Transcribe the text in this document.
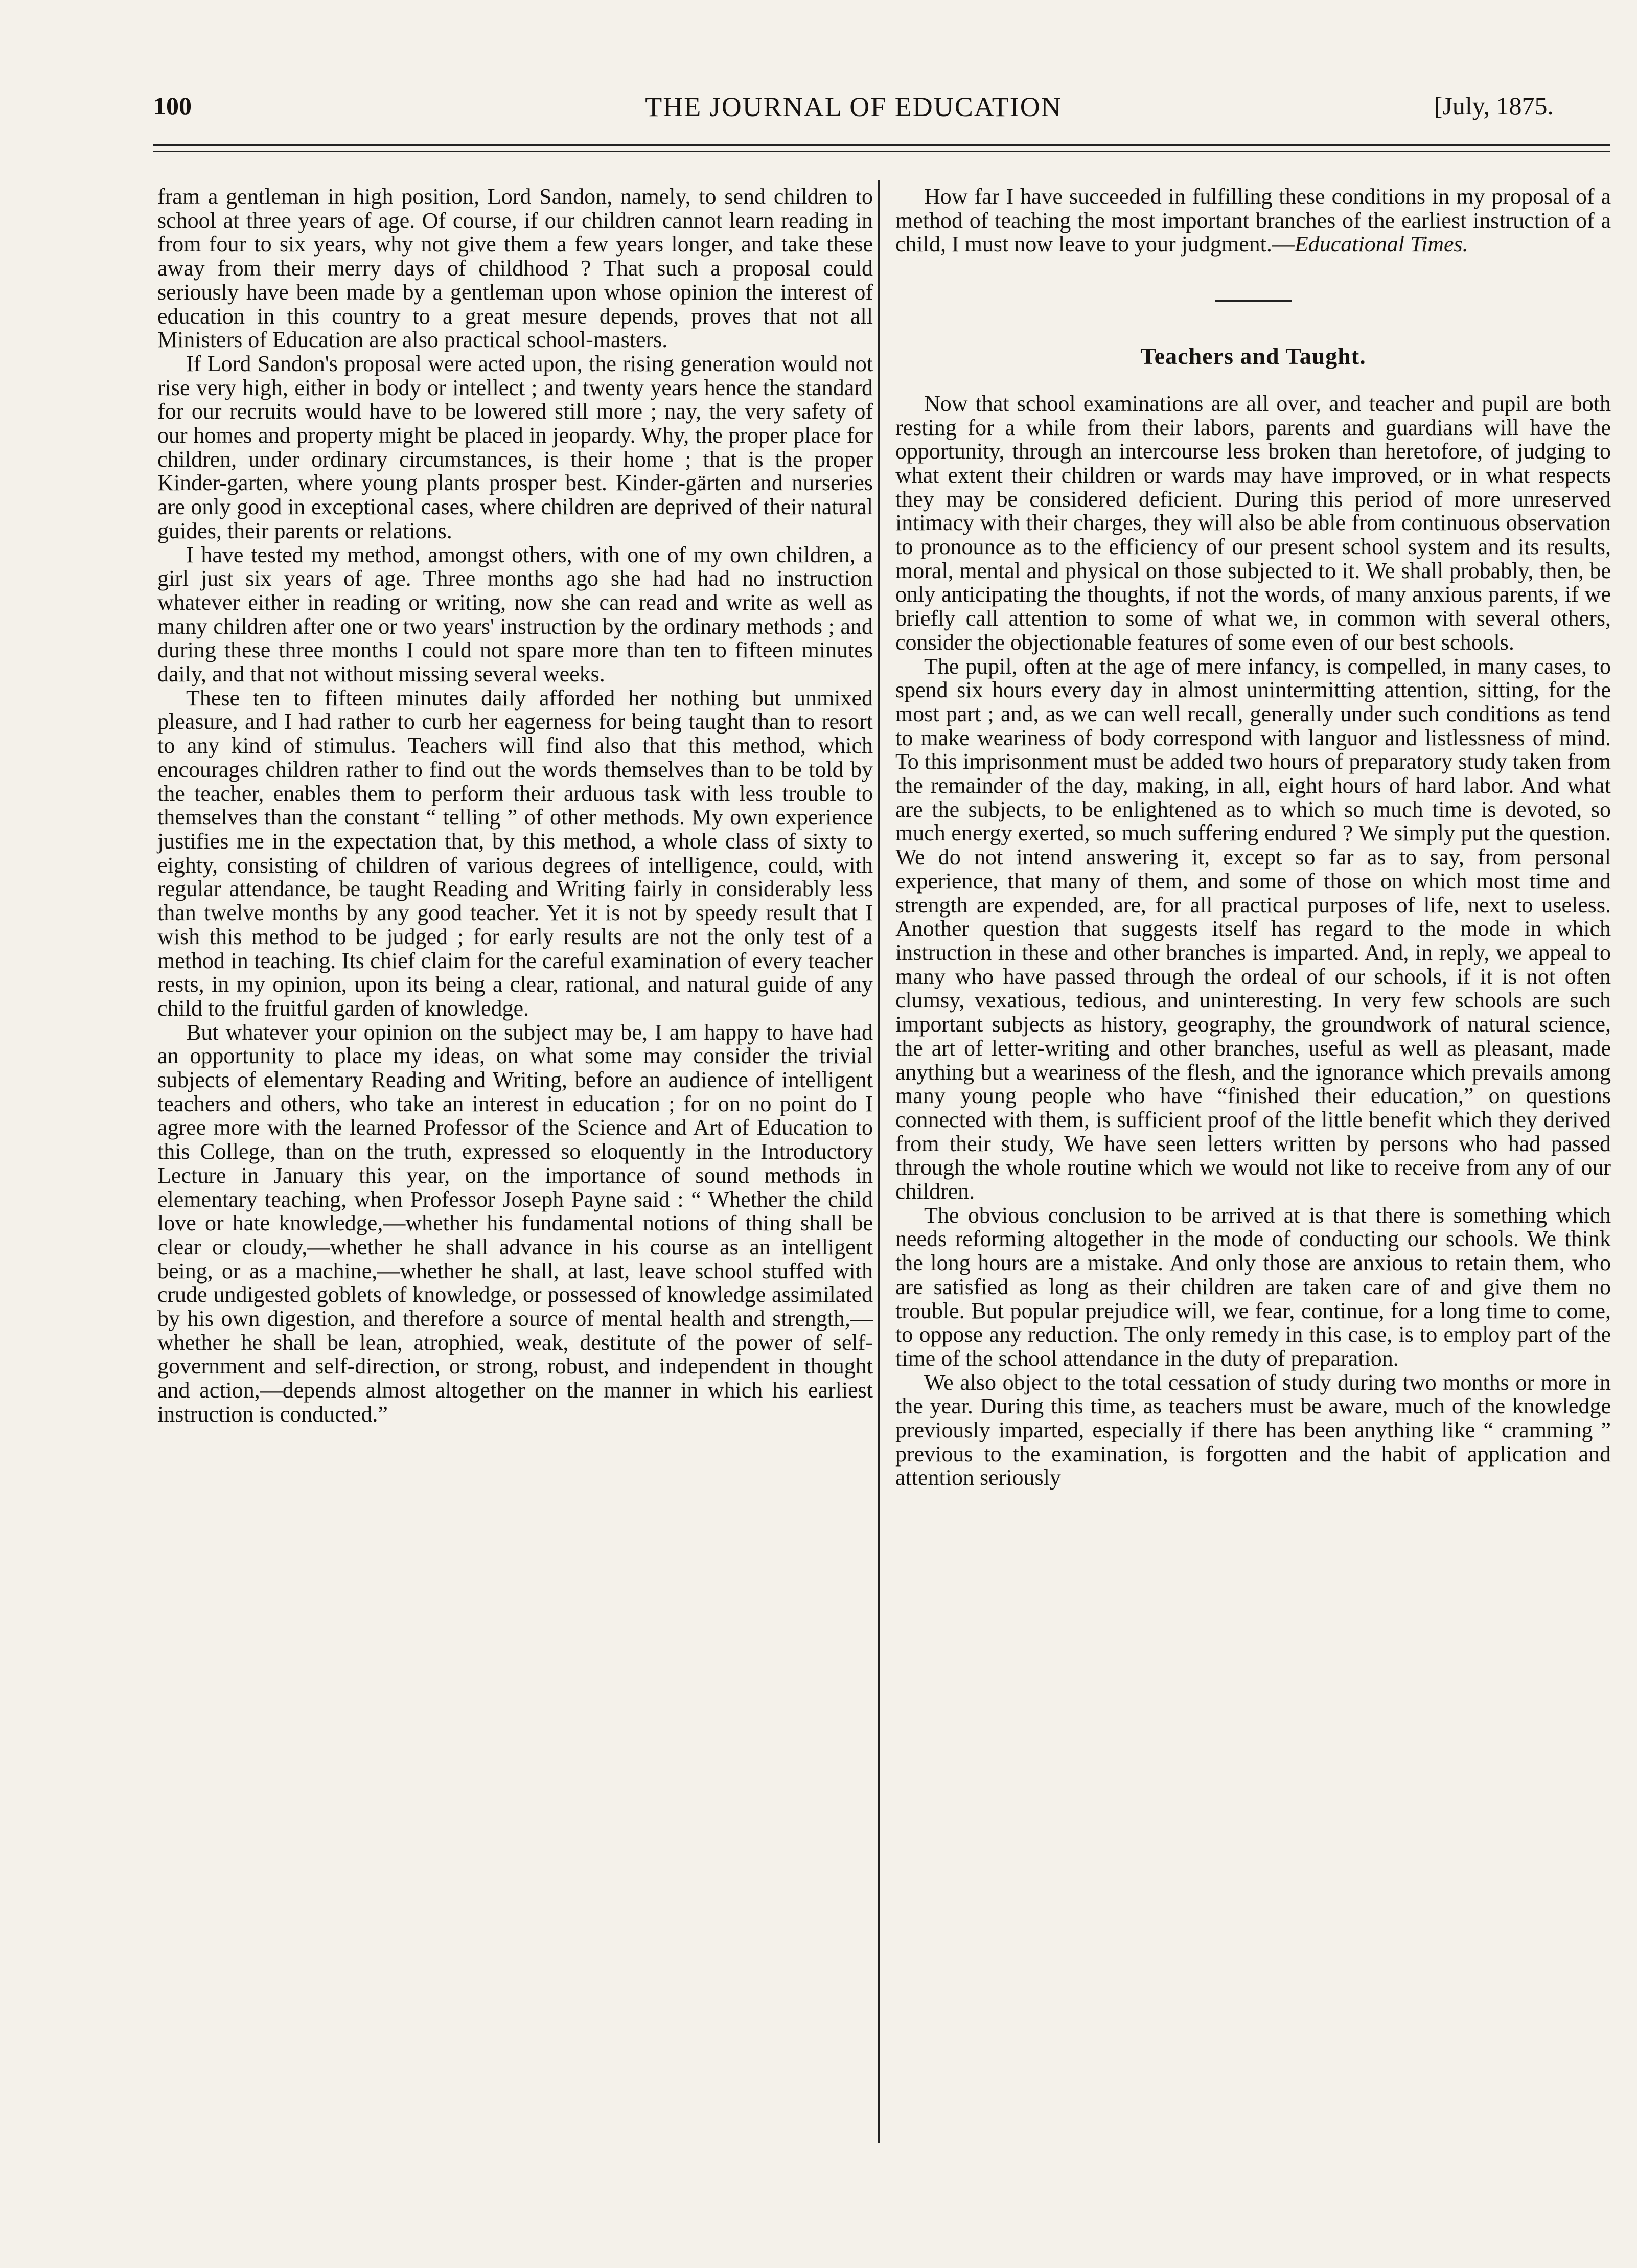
100	THE JOURNAL OF EDUCATION	[July, 1875.

fram a gentleman in high position, Lord Sandon, namely, to send children to school at three years of age. Of course, if our children cannot learn reading in from four to six years, why not give them a few years longer, and take these away from their merry days of childhood ? That such a proposal could seriously have been made by a gentleman upon whose opinion the interest of education in this country to a great mesure depends, proves that not all Ministers of Education are also practical school-masters.

If Lord Sandon's proposal were acted upon, the rising generation would not rise very high, either in body or intellect ; and twenty years hence the standard for our recruits would have to be lowered still more ; nay, the very safety of our homes and property might be placed in jeopardy. Why, the proper place for children, under ordinary circumstances, is their home ; that is the proper Kinder-garten, where young plants prosper best. Kinder-gärten and nurseries are only good in exceptional cases, where children are deprived of their natural guides, their parents or relations.

I have tested my method, amongst others, with one of my own children, a girl just six years of age. Three months ago she had had no instruction whatever either in reading or writing, now she can read and write as well as many children after one or two years' instruction by the ordinary methods ; and during these three months I could not spare more than ten to fifteen minutes daily, and that not without missing several weeks.

These ten to fifteen minutes daily afforded her nothing but unmixed pleasure, and I had rather to curb her eagerness for being taught than to resort to any kind of stimulus. Teachers will find also that this method, which encourages children rather to find out the words themselves than to be told by the teacher, enables them to perform their arduous task with less trouble to themselves than the constant “ telling ” of other methods. My own experience justifies me in the expectation that, by this method, a whole class of sixty to eighty, consisting of children of various degrees of intelligence, could, with regular attendance, be taught Reading and Writing fairly in considerably less than twelve months by any good teacher. Yet it is not by speedy result that I wish this method to be judged ; for early results are not the only test of a method in teaching. Its chief claim for the careful examination of every teacher rests, in my opinion, upon its being a clear, rational, and natural guide of any child to the fruitful garden of knowledge.

But whatever your opinion on the subject may be, I am happy to have had an opportunity to place my ideas, on what some may consider the trivial subjects of elementary Reading and Writing, before an audience of intelligent teachers and others, who take an interest in education ; for on no point do I agree more with the learned Professor of the Science and Art of Education to this College, than on the truth, expressed so eloquently in the Introductory Lecture in January this year, on the importance of sound methods in elementary teaching, when Professor Joseph Payne said : “ Whether the child love or hate knowledge,—whether his fundamental notions of thing shall be clear or cloudy,—whether he shall advance in his course as an intelligent being, or as a machine,—whether he shall, at last, leave school stuffed with crude undigested goblets of knowledge, or possessed of knowledge assimilated by his own digestion, and therefore a source of mental health and strength,—whether he shall be lean, atrophied, weak, destitute of the power of self-government and self-direction, or strong, robust, and independent in thought and action,—depends almost altogether on the manner in which his earliest instruction is conducted.”

How far I have succeeded in fulfilling these conditions in my proposal of a method of teaching the most important branches of the earliest instruction of a child, I must now leave to your judgment.—Educational Times.

Teachers and Taught.

Now that school examinations are all over, and teacher and pupil are both resting for a while from their labors, parents and guardians will have the opportunity, through an intercourse less broken than heretofore, of judging to what extent their children or wards may have improved, or in what respects they may be considered deficient. During this period of more unreserved intimacy with their charges, they will also be able from continuous observation to pronounce as to the efficiency of our present school system and its results, moral, mental and physical on those subjected to it. We shall probably, then, be only anticipating the thoughts, if not the words, of many anxious parents, if we briefly call attention to some of what we, in common with several others, consider the objectionable features of some even of our best schools.

The pupil, often at the age of mere infancy, is compelled, in many cases, to spend six hours every day in almost unintermitting attention, sitting, for the most part ; and, as we can well recall, generally under such conditions as tend to make weariness of body correspond with languor and listlessness of mind. To this imprisonment must be added two hours of preparatory study taken from the remainder of the day, making, in all, eight hours of hard labor. And what are the subjects, to be enlightened as to which so much time is devoted, so much energy exerted, so much suffering endured ? We simply put the question. We do not intend answering it, except so far as to say, from personal experience, that many of them, and some of those on which most time and strength are expended, are, for all practical purposes of life, next to useless. Another question that suggests itself has regard to the mode in which instruction in these and other branches is imparted. And, in reply, we appeal to many who have passed through the ordeal of our schools, if it is not often clumsy, vexatious, tedious, and uninteresting. In very few schools are such important subjects as history, geography, the groundwork of natural science, the art of letter-writing and other branches, useful as well as pleasant, made anything but a weariness of the flesh, and the ignorance which prevails among many young people who have “finished their education,” on questions connected with them, is sufficient proof of the little benefit which they derived from their study, We have seen letters written by persons who had passed through the whole routine which we would not like to receive from any of our children.

The obvious conclusion to be arrived at is that there is something which needs reforming altogether in the mode of conducting our schools. We think the long hours are a mistake. And only those are anxious to retain them, who are satisfied as long as their children are taken care of and give them no trouble. But popular prejudice will, we fear, continue, for a long time to come, to oppose any reduction. The only remedy in this case, is to employ part of the time of the school attendance in the duty of preparation.

We also object to the total cessation of study during two months or more in the year. During this time, as teachers must be aware, much of the knowledge previously imparted, especially if there has been anything like “ cramming ” previous to the examination, is forgotten and the habit of application and attention seriously
